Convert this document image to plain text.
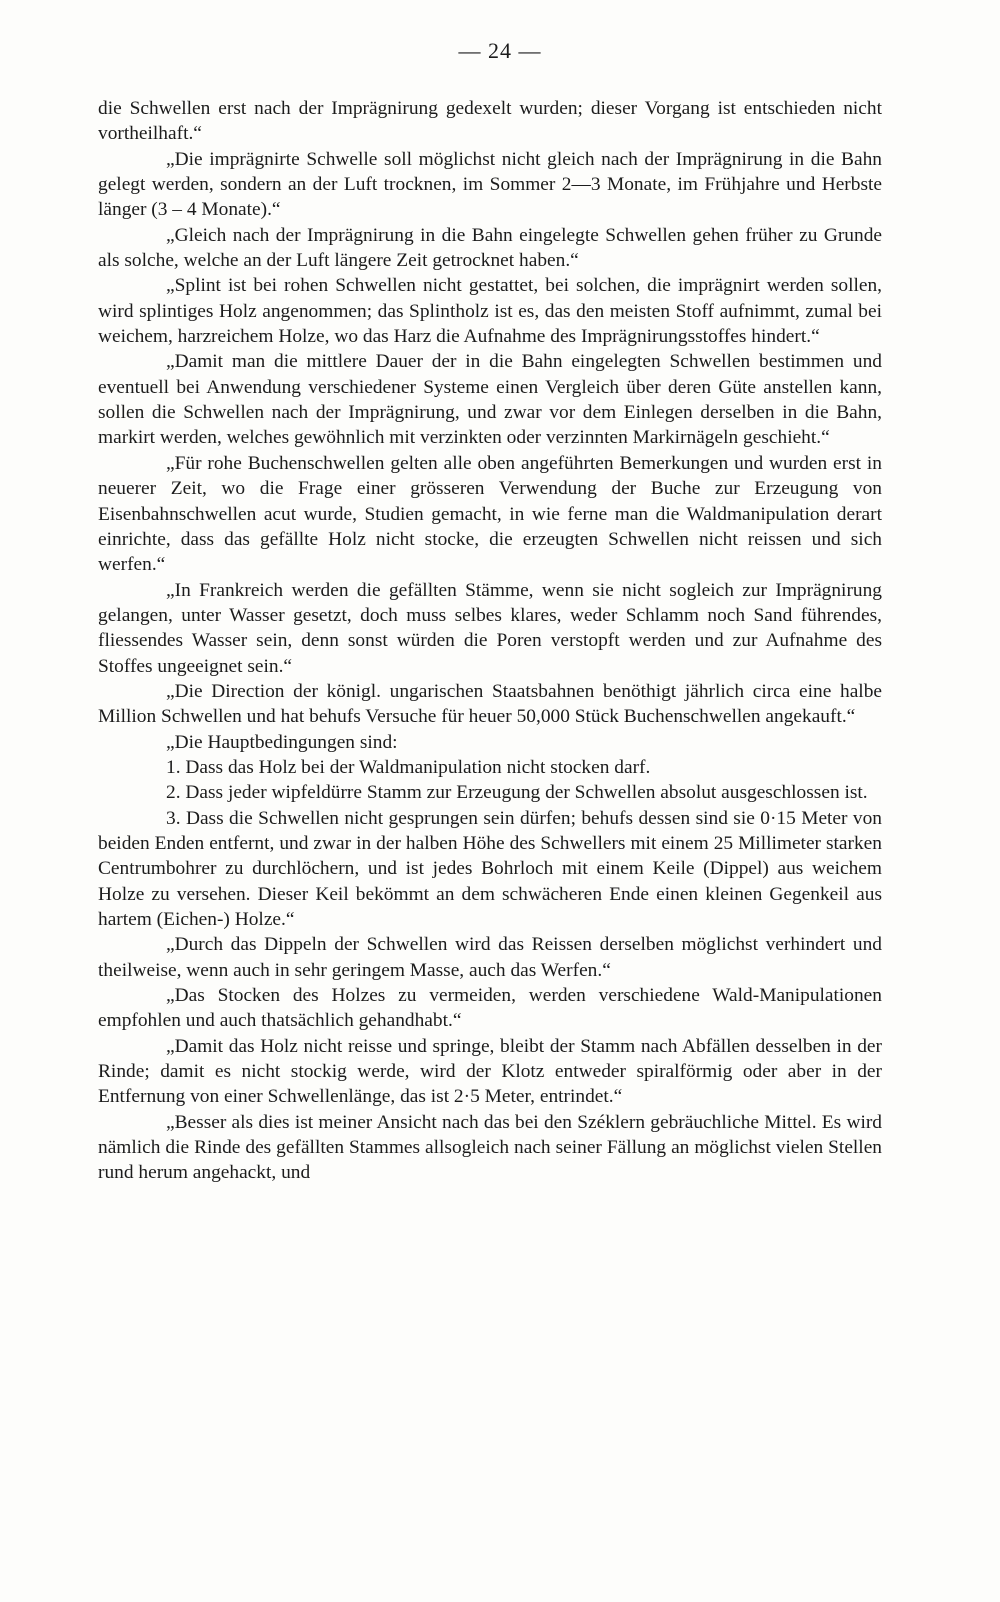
— 24 —

die Schwellen erst nach der Imprägnirung gedexelt wurden; dieser Vorgang ist entschieden nicht vortheilhaft.“

„Die imprägnirte Schwelle soll möglichst nicht gleich nach der Imprägnirung in die Bahn gelegt werden, sondern an der Luft trocknen, im Sommer 2—3 Monate, im Frühjahre und Herbste länger (3 – 4 Monate).“

„Gleich nach der Imprägnirung in die Bahn eingelegte Schwellen gehen früher zu Grunde als solche, welche an der Luft längere Zeit getrocknet haben.“

„Splint ist bei rohen Schwellen nicht gestattet, bei solchen, die imprägnirt werden sollen, wird splintiges Holz angenommen; das Splintholz ist es, das den meisten Stoff aufnimmt, zumal bei weichem, harzreichem Holze, wo das Harz die Aufnahme des Imprägnirungsstoffes hindert.“

„Damit man die mittlere Dauer der in die Bahn eingelegten Schwellen bestimmen und eventuell bei Anwendung verschiedener Systeme einen Vergleich über deren Güte anstellen kann, sollen die Schwellen nach der Imprägnirung, und zwar vor dem Einlegen derselben in die Bahn, markirt werden, welches gewöhnlich mit verzinkten oder verzinnten Markirnägeln geschieht.“

„Für rohe Buchenschwellen gelten alle oben angeführten Bemerkungen und wurden erst in neuerer Zeit, wo die Frage einer grösseren Verwendung der Buche zur Erzeugung von Eisenbahnschwellen acut wurde, Studien gemacht, in wie ferne man die Waldmanipulation derart einrichte, dass das gefällte Holz nicht stocke, die erzeugten Schwellen nicht reissen und sich werfen.“

„In Frankreich werden die gefällten Stämme, wenn sie nicht sogleich zur Imprägnirung gelangen, unter Wasser gesetzt, doch muss selbes klares, weder Schlamm noch Sand führendes, fliessendes Wasser sein, denn sonst würden die Poren verstopft werden und zur Aufnahme des Stoffes ungeeignet sein.“

„Die Direction der königl. ungarischen Staatsbahnen benöthigt jährlich circa eine halbe Million Schwellen und hat behufs Versuche für heuer 50,000 Stück Buchenschwellen angekauft.“

„Die Hauptbedingungen sind:

1. Dass das Holz bei der Waldmanipulation nicht stocken darf.

2. Dass jeder wipfeldürre Stamm zur Erzeugung der Schwellen absolut ausgeschlossen ist.

3. Dass die Schwellen nicht gesprungen sein dürfen; behufs dessen sind sie 0·15 Meter von beiden Enden entfernt, und zwar in der halben Höhe des Schwellers mit einem 25 Millimeter starken Centrumbohrer zu durchlöchern, und ist jedes Bohrloch mit einem Keile (Dippel) aus weichem Holze zu versehen. Dieser Keil bekömmt an dem schwächeren Ende einen kleinen Gegenkeil aus hartem (Eichen-) Holze.“

„Durch das Dippeln der Schwellen wird das Reissen derselben möglichst verhindert und theilweise, wenn auch in sehr geringem Masse, auch das Werfen.“

„Das Stocken des Holzes zu vermeiden, werden verschiedene Wald-Manipulationen empfohlen und auch thatsächlich gehandhabt.“

„Damit das Holz nicht reisse und springe, bleibt der Stamm nach Abfällen desselben in der Rinde; damit es nicht stockig werde, wird der Klotz entweder spiralförmig oder aber in der Entfernung von einer Schwellenlänge, das ist 2·5 Meter, entrindet.“

„Besser als dies ist meiner Ansicht nach das bei den Széklern gebräuchliche Mittel. Es wird nämlich die Rinde des gefällten Stammes allsogleich nach seiner Fällung an möglichst vielen Stellen rund herum angehackt, und
